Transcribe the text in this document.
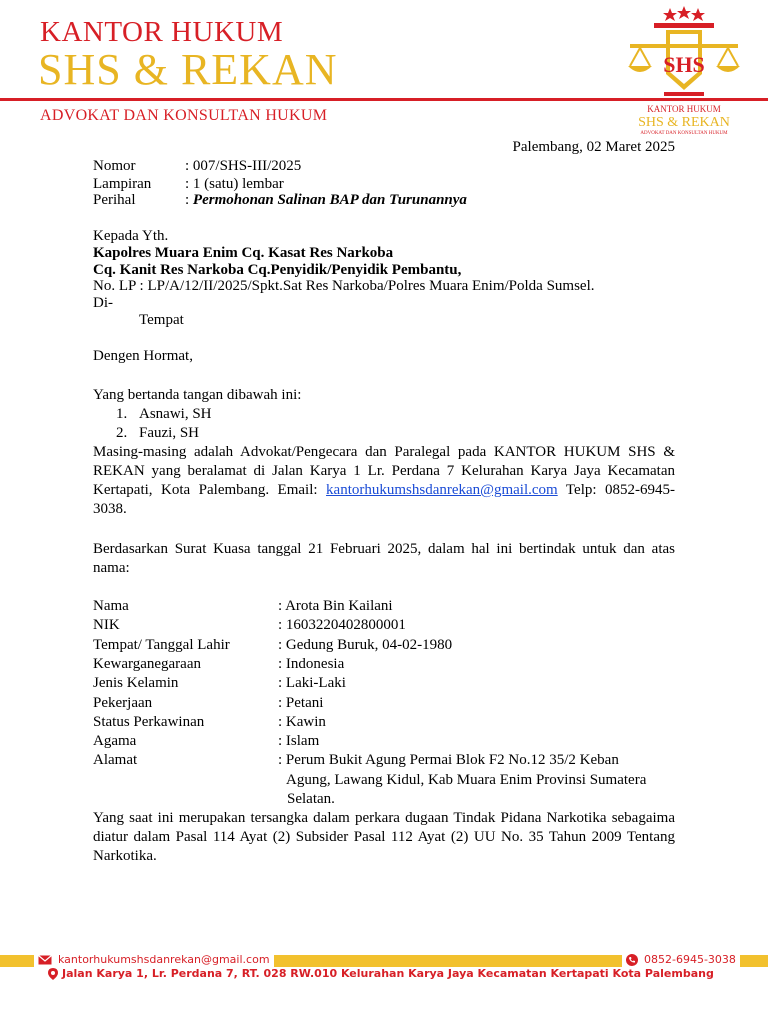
KANTOR HUKUM
SHS & REKAN
ADVOKAT DAN KONSULTAN HUKUM
SHS
KANTOR HUKUM
SHS & REKAN
ADVOKAT DAN KONSULTAN HUKUM
Palembang, 02 Maret 2025
Nomor	: 007/SHS-III/2025
Lampiran : 1 (satu) lembar
Perihal	: Permohonan Salinan BAP dan Turunannya
Kepada Yth.
Kapolres Muara Enim Cq. Kasat Res Narkoba
Cq. Kanit Res Narkoba Cq.Penyidik/Penyidik Pembantu,
No. LP : LP/A/12/II/2025/Spkt.Sat Res Narkoba/Polres Muara Enim/Polda Sumsel.
Di-
Tempat
Dengen Hormat,
Yang bertanda tangan dibawah ini:
1. Asnawi, SH
2. Fauzi, SH
Masing-masing adalah Advokat/Pengecara dan Paralegal pada KANTOR HUKUM SHS & REKAN yang beralamat di Jalan Karya 1 Lr. Perdana 7 Kelurahan Karya Jaya Kecamatan Kertapati, Kota Palembang. Email: kantorhukumshsdanrekan@gmail.com Telp: 0852-6945-3038.
Berdasarkan Surat Kuasa tanggal 21 Februari 2025, dalam hal ini bertindak untuk dan atas nama:
Nama	: Arota Bin Kailani
NIK	: 1603220402800001
Tempat/ Tanggal Lahir	: Gedung Buruk, 04-02-1980
Kewarganegaraan	: Indonesia
Jenis Kelamin	: Laki-Laki
Pekerjaan	: Petani
Status Perkawinan	: Kawin
Agama	: Islam
Alamat	: Perum Bukit Agung Permai Blok F2 No.12 35/2 Keban
Agung, Lawang Kidul, Kab Muara Enim Provinsi Sumatera
Selatan.
Yang saat ini merupakan tersangka dalam perkara dugaan Tindak Pidana Narkotika sebagaima diatur dalam Pasal 114 Ayat (2) Subsider Pasal 112 Ayat (2) UU No. 35 Tahun 2009 Tentang Narkotika.
kantorhukumshsdanrekan@gmail.com	0852-6945-3038
Jalan Karya 1, Lr. Perdana 7, RT. 028 RW.010 Kelurahan Karya Jaya Kecamatan Kertapati Kota Palembang
